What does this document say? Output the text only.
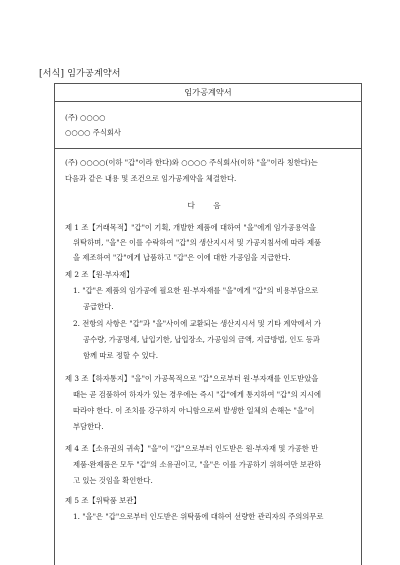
[서식] 임가공계약서
임가공계약서
(주) ○○○○
○○○○ 주식회사
(주) ○○○○(이하 "갑"이라 한다)와 ○○○○ 주식회사(이하 "을"이라 칭한다)는
다음과 같은 내용 및 조건으로 임가공계약을 체결한다.
다 음
제 1 조【거래목적】"갑"이 기획, 개발한 제품에 대하여 "을"에게 임가공용역을
위탁하며, "을"은 이를 수락하여 "갑"의 생산지시서 및 가공지침서에 따라 제품
을 제조하여 "갑"에게 납품하고 "갑"은 이에 대한 가공임을 지급한다.
제 2 조【원·부자재】
1. "갑"은 제품의 임가공에 필요한 원·부자재를 "을"에게 "갑"의 비용부담으로
공급한다.
2. 전항의 사항은 "갑"과 "을"사이에 교환되는 생산지시서 및 기타 계약에서 가
공수량, 가공명세, 납입기한, 납입장소, 가공임의 금액, 지급방법, 인도 등과
함께 따로 정할 수 있다.
제 3 조【하자통지】"을"이 가공목적으로 "갑"으로부터 원·부자재를 인도받았을
때는 곧 검품하여 하자가 있는 경우에는 즉시 "갑"에게 통지하여 "갑"의 지시에
따라야 한다. 이 조치를 강구하지 아니함으로써 발생한 일체의 손해는 "을"이
부담한다.
제 4 조【소유권의 귀속】"을"이 "갑"으로부터 인도받은 원·부자재 및 가공한 반
제품·완제품은 모두 "갑"의 소유권이고, "을"은 이를 가공하기 위하여만 보관하
고 있는 것임을 확인한다.
제 5 조【위탁품 보관】
1. "을"은 "갑"으로부터 인도받은 위탁품에 대하여 선량한 관리자의 주의의무로
